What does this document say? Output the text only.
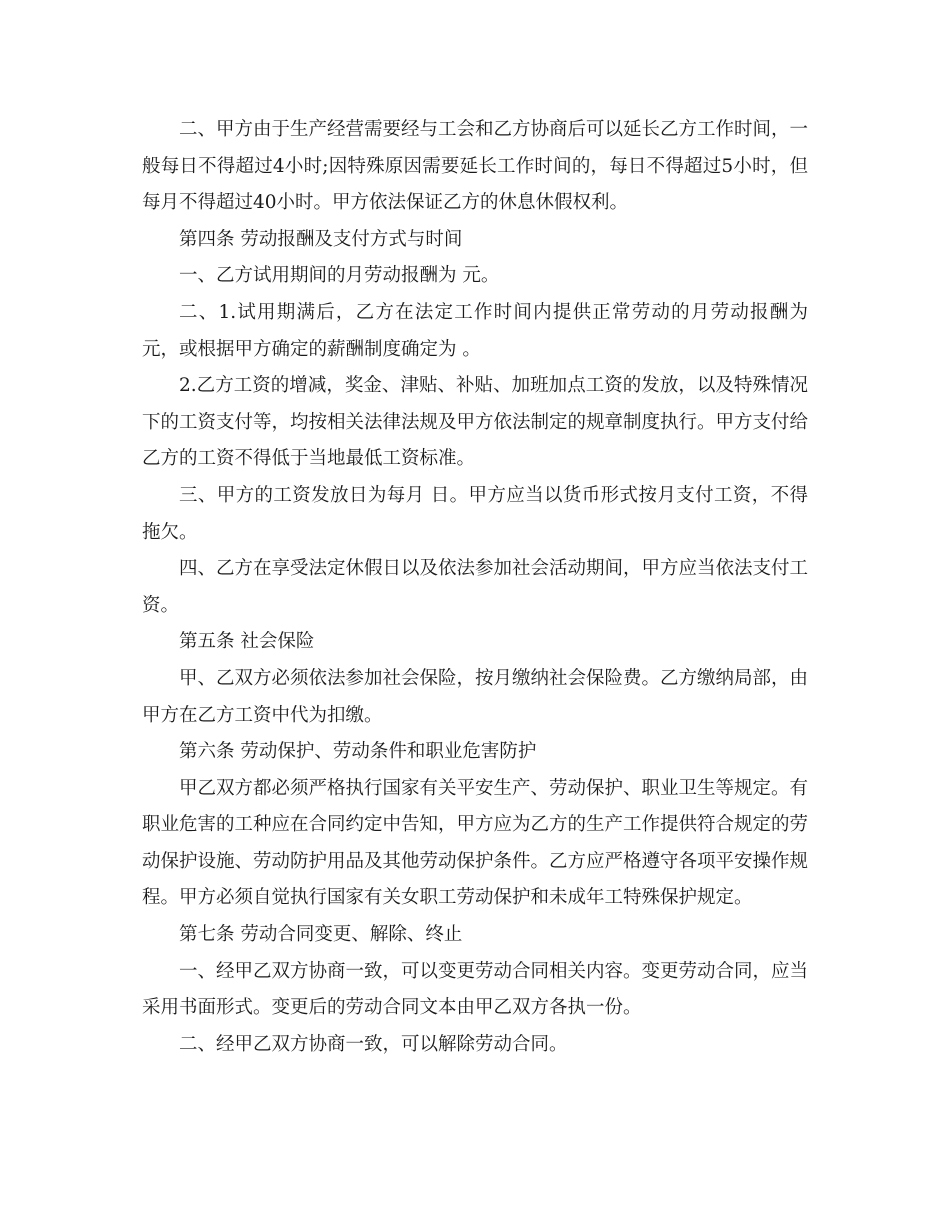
二、甲方由于生产经营需要经与工会和乙方协商后可以延长乙方工作时间，一般每日不得超过4小时;因特殊原因需要延长工作时间的，每日不得超过5小时，但每月不得超过40小时。甲方依法保证乙方的休息休假权利。

第四条 劳动报酬及支付方式与时间

一、乙方试用期间的月劳动报酬为 元。

二、1.试用期满后，乙方在法定工作时间内提供正常劳动的月劳动报酬为 元，或根据甲方确定的薪酬制度确定为 。

2.乙方工资的增减，奖金、津贴、补贴、加班加点工资的发放，以及特殊情况下的工资支付等，均按相关法律法规及甲方依法制定的规章制度执行。甲方支付给乙方的工资不得低于当地最低工资标准。

三、甲方的工资发放日为每月 日。甲方应当以货币形式按月支付工资，不得拖欠。

四、乙方在享受法定休假日以及依法参加社会活动期间，甲方应当依法支付工资。

第五条 社会保险

甲、乙双方必须依法参加社会保险，按月缴纳社会保险费。乙方缴纳局部，由甲方在乙方工资中代为扣缴。

第六条 劳动保护、劳动条件和职业危害防护

甲乙双方都必须严格执行国家有关平安生产、劳动保护、职业卫生等规定。有职业危害的工种应在合同约定中告知，甲方应为乙方的生产工作提供符合规定的劳动保护设施、劳动防护用品及其他劳动保护条件。乙方应严格遵守各项平安操作规程。甲方必须自觉执行国家有关女职工劳动保护和未成年工特殊保护规定。

第七条 劳动合同变更、解除、终止

一、经甲乙双方协商一致，可以变更劳动合同相关内容。变更劳动合同，应当采用书面形式。变更后的劳动合同文本由甲乙双方各执一份。

二、经甲乙双方协商一致，可以解除劳动合同。
